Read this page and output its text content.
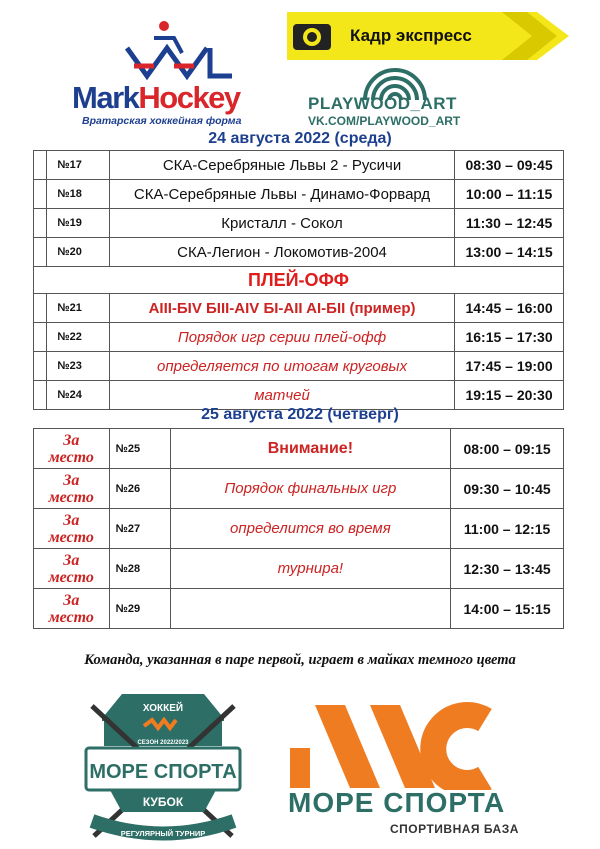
MarkHockey
Вратарская хоккейная форма
Кадр экспресс
PLAYWOOD_ART
VK.COM/PLAYWOOD_ART
24 августа 2022 (среда)
	№17	СКА-Серебряные Львы 2 - Русичи	08:30 – 09:45
	№18	СКА-Серебряные Львы - Динамо-Форвард	10:00 – 11:15
	№19	Кристалл - Сокол	11:30 – 12:45
	№20	СКА-Легион - Локомотив-2004	13:00 – 14:15
ПЛЕЙ-ОФФ			
	№21	AIII-БIV БIII-AIV БI-AII AI-БII (пример)	14:45 – 16:00
	№22	Порядок игр серии плей-офф	16:15 – 17:30
	№23	определяется по итогам круговых	17:45 – 19:00
	№24	матчей	19:15 – 20:30
25 августа 2022 (четверг)
За
место	№25	Внимание!	08:00 – 09:15
За
место	№26	Порядок финальных игр	09:30 – 10:45
За
место	№27	определится во время	11:00 – 12:15
За
место	№28	турнира!	12:30 – 13:45
За
место	№29		14:00 – 15:15
Команда, указанная в паре первой, играет в майках темного цвета
ХОККЕЙ
СЕЗОН 2022/2023
МОРЕ СПОРТА
КУБОК
РЕГУЛЯРНЫЙ ТУРНИР
МОРЕ СПОРТА
СПОРТИВНАЯ БАЗА
